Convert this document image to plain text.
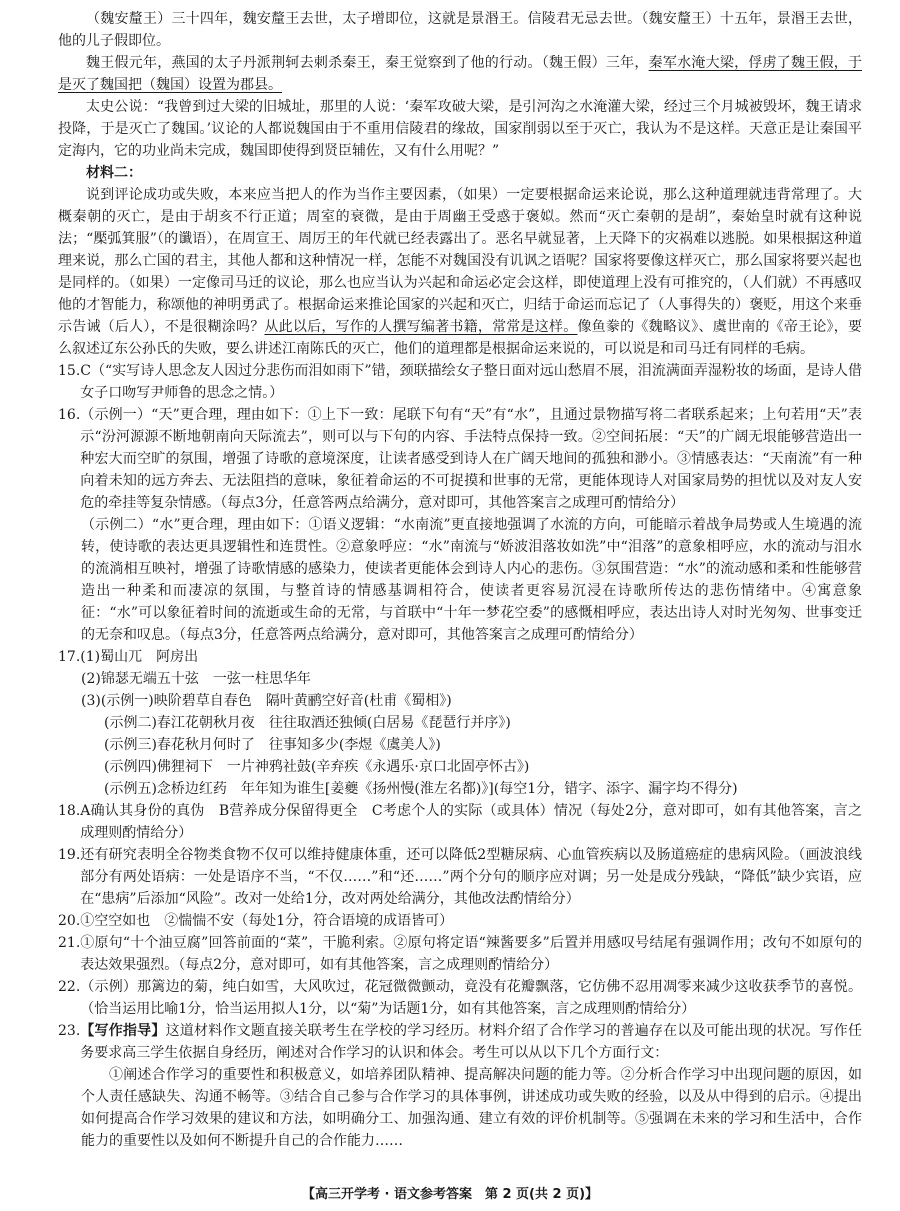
（魏安釐王）三十四年，魏安釐王去世，太子增即位，这就是景湣王。信陵君无忌去世。（魏安釐王）十五年，景湣王去世，他的儿子假即位。

魏王假元年，燕国的太子丹派荆轲去刺杀秦王，秦王觉察到了他的行动。（魏王假）三年，秦军水淹大梁，俘虏了魏王假，于是灭了魏国把（魏国）设置为郡县。

太史公说：“我曾到过大梁的旧城址，那里的人说：‘秦军攻破大梁，是引河沟之水淹灌大梁，经过三个月城被毁坏，魏王请求投降，于是灭亡了魏国。’议论的人都说魏国由于不重用信陵君的缘故，国家削弱以至于灭亡，我认为不是这样。天意正是让秦国平定海内，它的功业尚未完成，魏国即使得到贤臣辅佐，又有什么用呢？”

材料二：

说到评论成功或失败，本来应当把人的作为当作主要因素，（如果）一定要根据命运来论说，那么这种道理就违背常理了。大概秦朝的灭亡，是由于胡亥不行正道；周室的衰微，是由于周幽王受惑于褒姒。然而“灭亡秦朝的是胡”，秦始皇时就有这种说法；“檿弧箕服”（的谶语），在周宣王、周厉王的年代就已经表露出了。恶名早就显著，上天降下的灾祸难以逃脱。如果根据这种道理来说，那么亡国的君主，其他人都和这种情况一样，怎能不对魏国没有讥讽之语呢？国家将要像这样灭亡，那么国家将要兴起也是同样的。（如果）一定像司马迁的议论，那么也应当认为兴起和命运必定会这样，即使道理上没有可推究的，（人们就）不再感叹他的才智能力，称颂他的神明勇武了。根据命运来推论国家的兴起和灭亡，归结于命运而忘记了（人事得失的）褒贬，用这个来垂示告诫（后人），不是很糊涂吗？从此以后，写作的人撰写编著书籍，常常是这样。像鱼豢的《魏略议》、虞世南的《帝王论》，要么叙述辽东公孙氏的失败，要么讲述江南陈氏的灭亡，他们的道理都是根据命运来说的，可以说是和司马迁有同样的毛病。

15. C（“实写诗人思念友人因过分悲伤而泪如雨下”错，颈联描绘女子整日面对远山愁眉不展，泪流满面弄湿粉妆的场面，是诗人借女子口吻写尹师鲁的思念之情。）
16. （示例一）“天”更合理，理由如下：①上下一致：尾联下句有“天”有“水”，且通过景物描写将二者联系起来；上句若用“天”表示“汾河源源不断地朝南向天际流去”，则可以与下句的内容、手法特点保持一致。②空间拓展：“天”的广阔无垠能够营造出一种宏大而空旷的氛围，增强了诗歌的意境深度，让读者感受到诗人在广阔天地间的孤独和渺小。③情感表达：“天南流”有一种向着未知的远方奔去、无法阻挡的意味，象征着命运的不可捉摸和世事的无常，更能体现诗人对国家局势的担忧以及对友人安危的牵挂等复杂情感。（每点3分，任意答两点给满分，意对即可，其他答案言之成理可酌情给分）
（示例二）“水”更合理，理由如下：①语义逻辑：“水南流”更直接地强调了水流的方向，可能暗示着战争局势或人生境遇的流转，使诗歌的表达更具逻辑性和连贯性。②意象呼应：“水”南流与“娇波泪落妆如洗”中“泪落”的意象相呼应，水的流动与泪水的流淌相互映衬，增强了诗歌情感的感染力，使读者更能体会到诗人内心的悲伤。③氛围营造：“水”的流动感和柔和性能够营造出一种柔和而凄凉的氛围，与整首诗的情感基调相符合，使读者更容易沉浸在诗歌所传达的悲伤情绪中。④寓意象征：“水”可以象征着时间的流逝或生命的无常，与首联中“十年一梦花空委”的感慨相呼应，表达出诗人对时光匆匆、世事变迁的无奈和叹息。（每点3分，任意答两点给满分，意对即可，其他答案言之成理可酌情给分）
17. (1)蜀山兀　阿房出

(2)锦瑟无端五十弦　一弦一柱思华年

(3)(示例一)映阶碧草自春色　隔叶黄鹂空好音(杜甫《蜀相》)

(示例二)春江花朝秋月夜　往往取酒还独倾(白居易《琵琶行并序》)

(示例三)春花秋月何时了　往事知多少(李煜《虞美人》)

(示例四)佛狸祠下　一片神鸦社鼓(辛弃疾《永遇乐·京口北固亭怀古》)

(示例五)念桥边红药　年年知为谁生[姜夔《扬州慢(淮左名都)》](每空1分，错字、添字、漏字均不得分)

18. A确认其身份的真伪　B营养成分保留得更全　C考虑个人的实际（或具体）情况（每处2分，意对即可，如有其他答案，言之成理则酌情给分）
19. 还有研究表明全谷物类食物不仅可以维持健康体重，还可以降低2型糖尿病、心血管疾病以及肠道癌症的患病风险。（画波浪线部分有两处语病：一处是语序不当，“不仅……”和“还……”两个分句的顺序应对调；另一处是成分残缺，“降低”缺少宾语，应在“患病”后添加“风险”。改对一处给1分，改对两处给满分，其他改法酌情给分）
20. ①空空如也　②惴惴不安（每处1分，符合语境的成语皆可）
21. ①原句“十个油豆腐”回答前面的“菜”，干脆利索。②原句将定语“辣酱要多”后置并用感叹号结尾有强调作用；改句不如原句的表达效果强烈。（每点2分，意对即可，如有其他答案，言之成理则酌情给分）
22. （示例）那篱边的菊，纯白如雪，大风吹过，花冠微微颤动，竟没有花瓣飘落，它仿佛不忍用凋零来减少这收获季节的喜悦。（恰当运用比喻1分，恰当运用拟人1分，以“菊”为话题1分，如有其他答案，言之成理则酌情给分）
23. 【写作指导】这道材料作文题直接关联考生在学校的学习经历。材料介绍了合作学习的普遍存在以及可能出现的状况。写作任务要求高三学生依据自身经历，阐述对合作学习的认识和体会。考生可以从以下几个方面行文：

①阐述合作学习的重要性和积极意义，如培养团队精神、提高解决问题的能力等。②分析合作学习中出现问题的原因，如个人责任感缺失、沟通不畅等。③结合自己参与合作学习的具体事例，讲述成功或失败的经验，以及从中得到的启示。④提出如何提高合作学习效果的建议和方法，如明确分工、加强沟通、建立有效的评价机制等。⑤强调在未来的学习和生活中，合作能力的重要性以及如何不断提升自己的合作能力……

【高三开学考 · 语文参考答案　第 2 页(共 2 页)】
